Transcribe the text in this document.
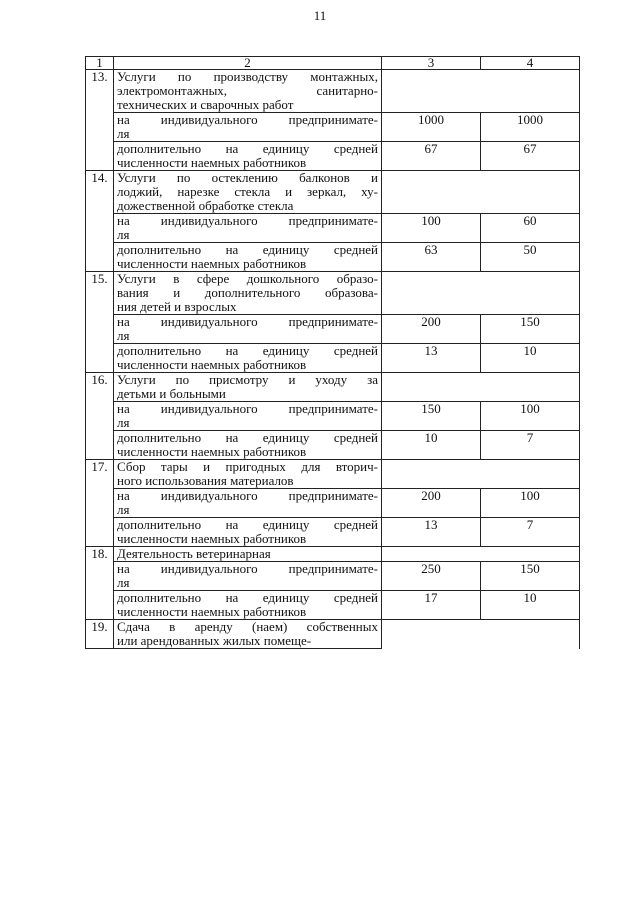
11
1	2	3	4
13.	Услуги по производству монтажных,
электромонтажных, санитарно-
технических и сварочных работ		

	на индивидуального предпринимате-
ля	1000	1000

	дополнительно на единицу средней
численности наемных работников	67	67
14.	Услуги по остеклению балконов и
лоджий, нарезке стекла и зеркал, ху-
дожественной обработке стекла		

	на индивидуального предпринимате-
ля	100	60

	дополнительно на единицу средней
численности наемных работников	63	50
15.	Услуги в сфере дошкольного образо-
вания и дополнительного образова-
ния детей и взрослых		

	на индивидуального предпринимате-
ля	200	150

	дополнительно на единицу средней
численности наемных работников	13	10
16.	Услуги по присмотру и уходу за
детьми и больными		

	на индивидуального предпринимате-
ля	150	100

	дополнительно на единицу средней
численности наемных работников	10	7
17.	Сбор тары и пригодных для вторич-
ного использования материалов		

	на индивидуального предпринимате-
ля	200	100

	дополнительно на единицу средней
численности наемных работников	13	7
18.	Деятельность ветеринарная		

	на индивидуального предпринимате-
ля	250	150

	дополнительно на единицу средней
численности наемных работников	17	10
19.	Сдача в аренду (наем) собственных
или арендованных жилых помеще-		
